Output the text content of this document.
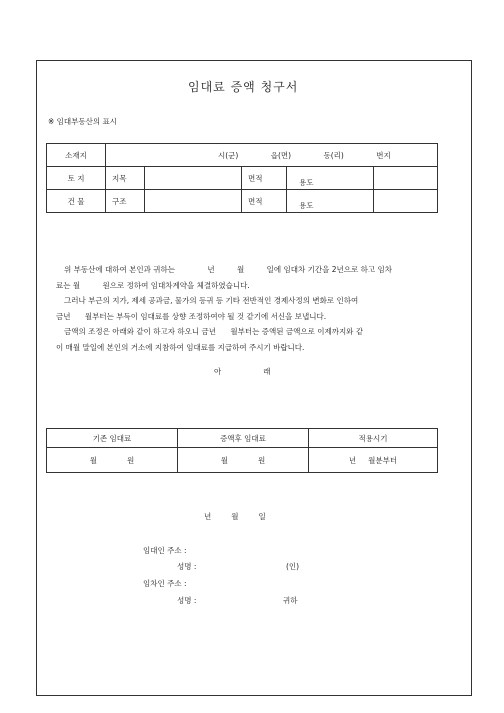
임대료 증액 청구서
※ 임대부동산의 표시
소재지	시(군) 읍(면) 동(리) 번지				
토 지	지목		면적	용도	
건 물	구조		면적	용도	

위 부동산에 대하여 본인과 귀하는	년	월	일에 임대차 기간을 2년으로 하고 임차

료는 월	원으로 정하여 임대차계약을 체결하였습니다.

그러나 부근의 지가, 제세 공과금, 물가의 등귀 등 기타 전반적인 경제사정의 변화로 인하여

금년 월부터는 부득이 임대료를 상향 조정하여야 될 것 같기에 서신을 보냅니다.

금액의 조정은 아래와 같이 하고자 하오니 금년 월부터는 증액된 금액으로 이제까지와 같

이 매월 말일에 본인의 거소에 지참하여 임대료를 지급하여 주시기 바랍니다.

아	래
기존 임대료	증액후 임대료	적용시기
월 원	월 원	년 월분부터
년	월	일
임대인 주소 :
성명 :	(인)
임차인 주소 :
성명 :	귀하
